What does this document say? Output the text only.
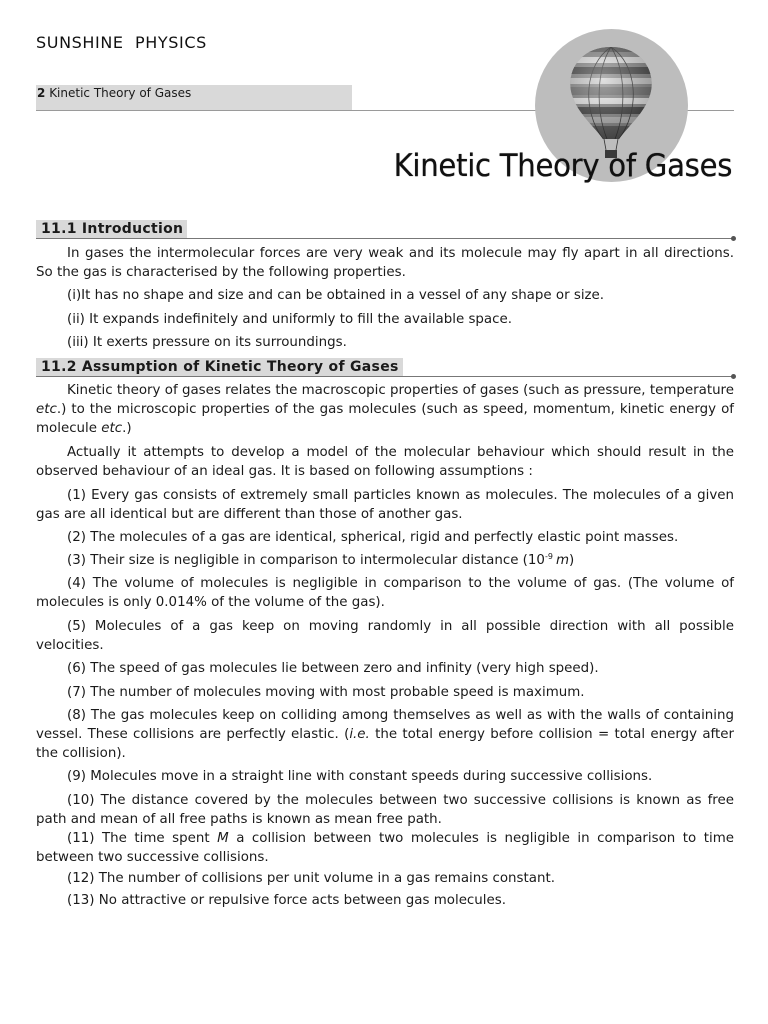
SUNSHINE  PHYSICS
2 Kinetic Theory of Gases
Kinetic Theory of Gases
11.1 Introduction

In gases the intermolecular forces are very weak and its molecule may fly apart in all directions. So the gas is characterised by the following properties.

(i)It has no shape and size and can be obtained in a vessel of any shape or size.

(ii) It expands indefinitely and uniformly to fill the available space.

(iii) It exerts pressure on its surroundings.

11.2 Assumption of Kinetic Theory of Gases

Kinetic theory of gases relates the macroscopic properties of gases (such as pressure, temperature etc.) to the microscopic properties of the gas molecules (such as speed, momentum, kinetic energy of molecule etc.)

Actually it attempts to develop a model of the molecular behaviour which should result in the observed behaviour of an ideal gas. It is based on following assumptions :

(1) Every gas consists of extremely small particles known as molecules. The molecules of a given gas are all identical but are different than those of another gas.

(2) The molecules of a gas are identical, spherical, rigid and perfectly elastic point masses.

(3) Their size is negligible in comparison to intermolecular distance ($10^{-9}$ m)

(4) The volume of molecules is negligible in comparison to the volume of gas. (The volume of molecules is only 0.014% of the volume of the gas).

(5) Molecules of a gas keep on moving randomly in all possible direction with all possible velocities.

(6) The speed of gas molecules lie between zero and infinity (very high speed).

(7) The number of molecules moving with most probable speed is maximum.

(8) The gas molecules keep on colliding among themselves as well as with the walls of containing vessel. These collisions are perfectly elastic. (i.e. the total energy before collision = total energy after the collision).

(9) Molecules move in a straight line with constant speeds during successive collisions.

(10) The distance covered by the molecules between two successive collisions is known as free path and mean of all free paths is known as mean free path.

(11) The time spent M a collision between two molecules is negligible in comparison to time between two successive collisions.

(12) The number of collisions per unit volume in a gas remains constant.

(13) No attractive or repulsive force acts between gas molecules.
